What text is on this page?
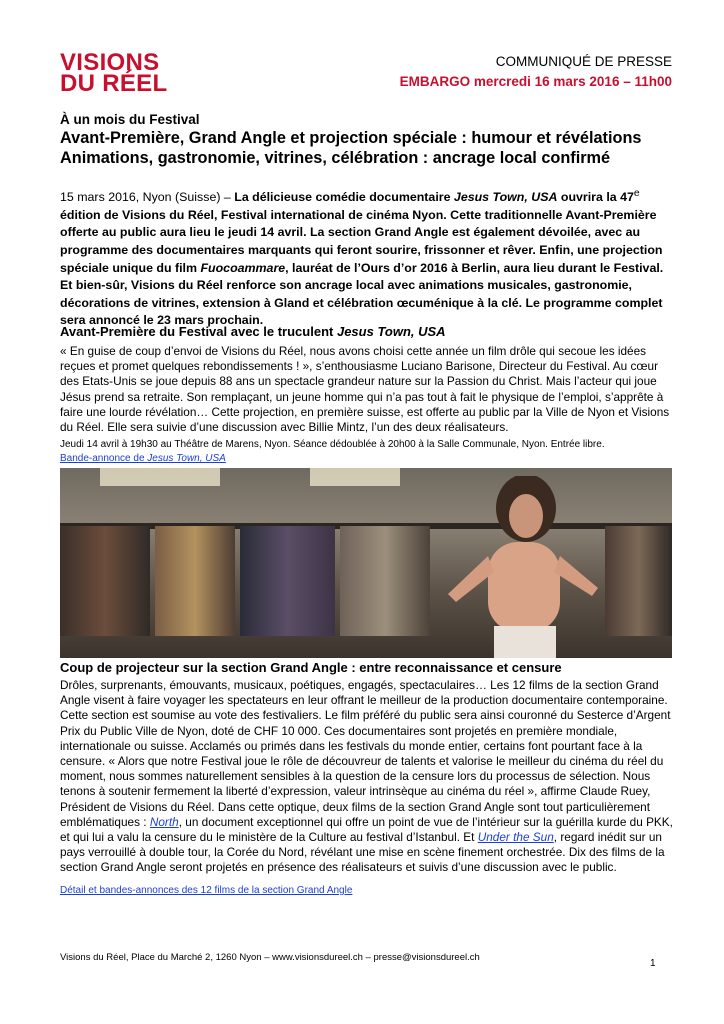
VISIONS
DU RÉEL
COMMUNIQUÉ DE PRESSE
EMBARGO mercredi 16 mars 2016 – 11h00
À un mois du Festival
Avant-Première, Grand Angle et projection spéciale : humour et révélations
Animations, gastronomie, vitrines, célébration : ancrage local confirmé

15 mars 2016, Nyon (Suisse) – La délicieuse comédie documentaire Jesus Town, USA ouvrira la 47e édition de Visions du Réel, Festival international de cinéma Nyon. Cette traditionnelle Avant-Première offerte au public aura lieu le jeudi 14 avril. La section Grand Angle est également dévoilée, avec au programme des documentaires marquants qui feront sourire, frissonner et rêver. Enfin, une projection spéciale unique du film Fuocoammare, lauréat de l’Ours d’or 2016 à Berlin, aura lieu durant le Festival. Et bien-sûr, Visions du Réel renforce son ancrage local avec animations musicales, gastronomie, décorations de vitrines, extension à Gland et célébration œcuménique à la clé. Le programme complet sera annoncé le 23 mars prochain.

Avant-Première du Festival avec le truculent Jesus Town, USA

« En guise de coup d’envoi de Visions du Réel, nous avons choisi cette année un film drôle qui secoue les idées reçues et promet quelques rebondissements ! », s’enthousiasme Luciano Barisone, Directeur du Festival. Au cœur des Etats-Unis se joue depuis 88 ans un spectacle grandeur nature sur la Passion du Christ. Mais l’acteur qui joue Jésus prend sa retraite. Son remplaçant, un jeune homme qui n’a pas tout à fait le physique de l’emploi, s’apprête à faire une lourde révélation… Cette projection, en première suisse, est offerte au public par la Ville de Nyon et Visions du Réel. Elle sera suivie d’une discussion avec Billie Mintz, l’un des deux réalisateurs.

Jeudi 14 avril à 19h30 au Théâtre de Marens, Nyon. Séance dédoublée à 20h00 à la Salle Communale, Nyon. Entrée libre.

Bande-annonce de Jesus Town, USA

Coup de projecteur sur la section Grand Angle : entre reconnaissance et censure

Drôles, surprenants, émouvants, musicaux, poétiques, engagés, spectaculaires… Les 12 films de la section Grand Angle visent à faire voyager les spectateurs en leur offrant le meilleur de la production documentaire contemporaine. Cette section est soumise au vote des festivaliers. Le film préféré du public sera ainsi couronné du Sesterce d’Argent Prix du Public Ville de Nyon, doté de CHF 10 000. Ces documentaires sont projetés en première mondiale, internationale ou suisse. Acclamés ou primés dans les festivals du monde entier, certains font pourtant face à la censure. « Alors que notre Festival joue le rôle de découvreur de talents et valorise le meilleur du cinéma du réel du moment, nous sommes naturellement sensibles à la question de la censure lors du processus de sélection. Nous tenons à soutenir fermement la liberté d’expression, valeur intrinsèque au cinéma du réel », affirme Claude Ruey, Président de Visions du Réel. Dans cette optique, deux films de la section Grand Angle sont tout particulièrement emblématiques : North, un document exceptionnel qui offre un point de vue de l’intérieur sur la guérilla kurde du PKK, et qui lui a valu la censure du le ministère de la Culture au festival d’Istanbul. Et Under the Sun, regard inédit sur un pays verrouillé à double tour, la Corée du Nord, révélant une mise en scène finement orchestrée. Dix des films de la section Grand Angle seront projetés en présence des réalisateurs et suivis d’une discussion avec le public.

Détail et bandes-annonces des 12 films de la section Grand Angle

Visions du Réel, Place du Marché 2, 1260 Nyon – www.visionsdureel.ch – presse@visionsdureel.ch
1
